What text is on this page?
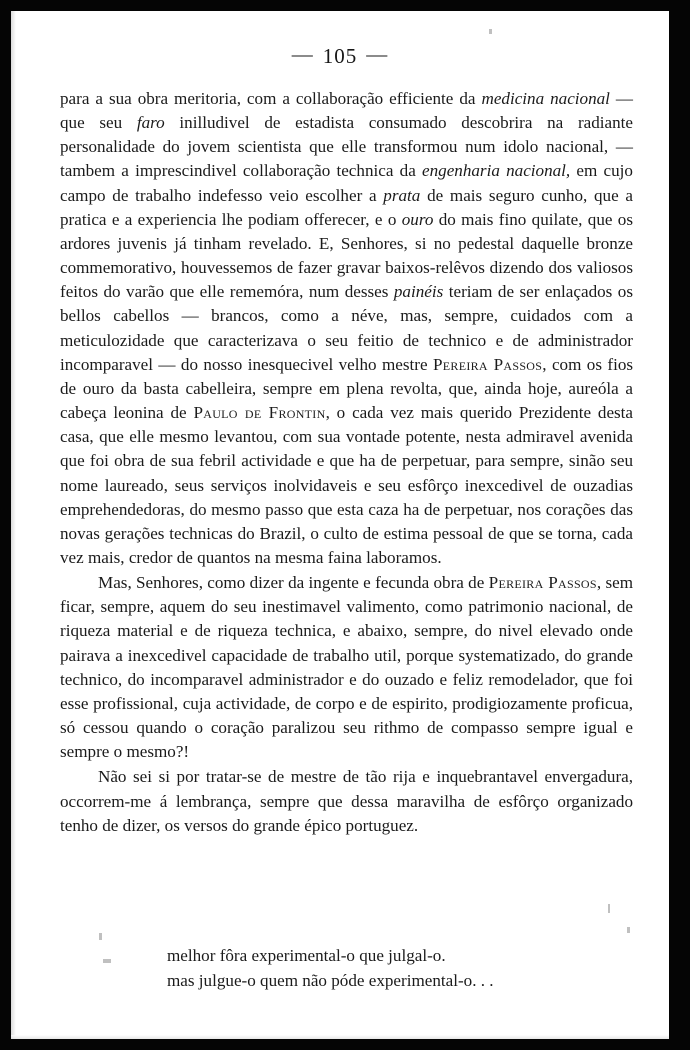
— 105 —

para a sua obra meritoria, com a collaboração efficiente da medicina nacional — que seu faro inilludivel de estadista consumado descobrira na radiante personalidade do jovem scientista que elle transformou num idolo nacional, — tambem a imprescindivel collaboração technica da engenharia nacional, em cujo campo de trabalho indefesso veio escolher a prata de mais seguro cunho, que a pratica e a experiencia lhe podiam offerecer, e o ouro do mais fino quilate, que os ardores juvenis já tinham revelado. E, Senhores, si no pedestal daquelle bronze commemorativo, houvessemos de fazer gravar baixos-relêvos dizendo dos valiosos feitos do varão que elle rememóra, num desses painéis teriam de ser enlaçados os bellos cabellos — brancos, como a néve, mas, sempre, cuidados com a meticulozidade que caracterizava o seu feitio de technico e de administrador incomparavel — do nosso inesquecivel velho mestre Pereira Passos, com os fios de ouro da basta cabelleira, sempre em plena revolta, que, ainda hoje, aureóla a cabeça leonina de Paulo de Frontin, o cada vez mais querido Prezidente desta casa, que elle mesmo levantou, com sua vontade potente, nesta admiravel avenida que foi obra de sua febril actividade e que ha de perpetuar, para sempre, sinão seu nome laureado, seus serviços inolvidaveis e seu esfôrço inexcedivel de ouzadias emprehendedoras, do mesmo passo que esta caza ha de perpetuar, nos corações das novas gerações technicas do Brazil, o culto de estima pessoal de que se torna, cada vez mais, credor de quantos na mesma faina laboramos.

Mas, Senhores, como dizer da ingente e fecunda obra de Pereira Passos, sem ficar, sempre, aquem do seu inestimavel valimento, como patrimonio nacional, de riqueza material e de riqueza technica, e abaixo, sempre, do nivel elevado onde pairava a inexcedivel capacidade de trabalho util, porque systematizado, do grande technico, do incomparavel administrador e do ouzado e feliz remodelador, que foi esse profissional, cuja actividade, de corpo e de espirito, prodigiozamente proficua, só cessou quando o coração paralizou seu rithmo de compasso sempre igual e sempre o mesmo?!

Não sei si por tratar-se de mestre de tão rija e inquebrantavel envergadura, occorrem-me á lembrança, sempre que dessa maravilha de esfôrço organizado tenho de dizer, os versos do grande épico portuguez.

melhor fôra experimental-o que julgal-o.

mas julgue-o quem não póde experimental-o. . .
